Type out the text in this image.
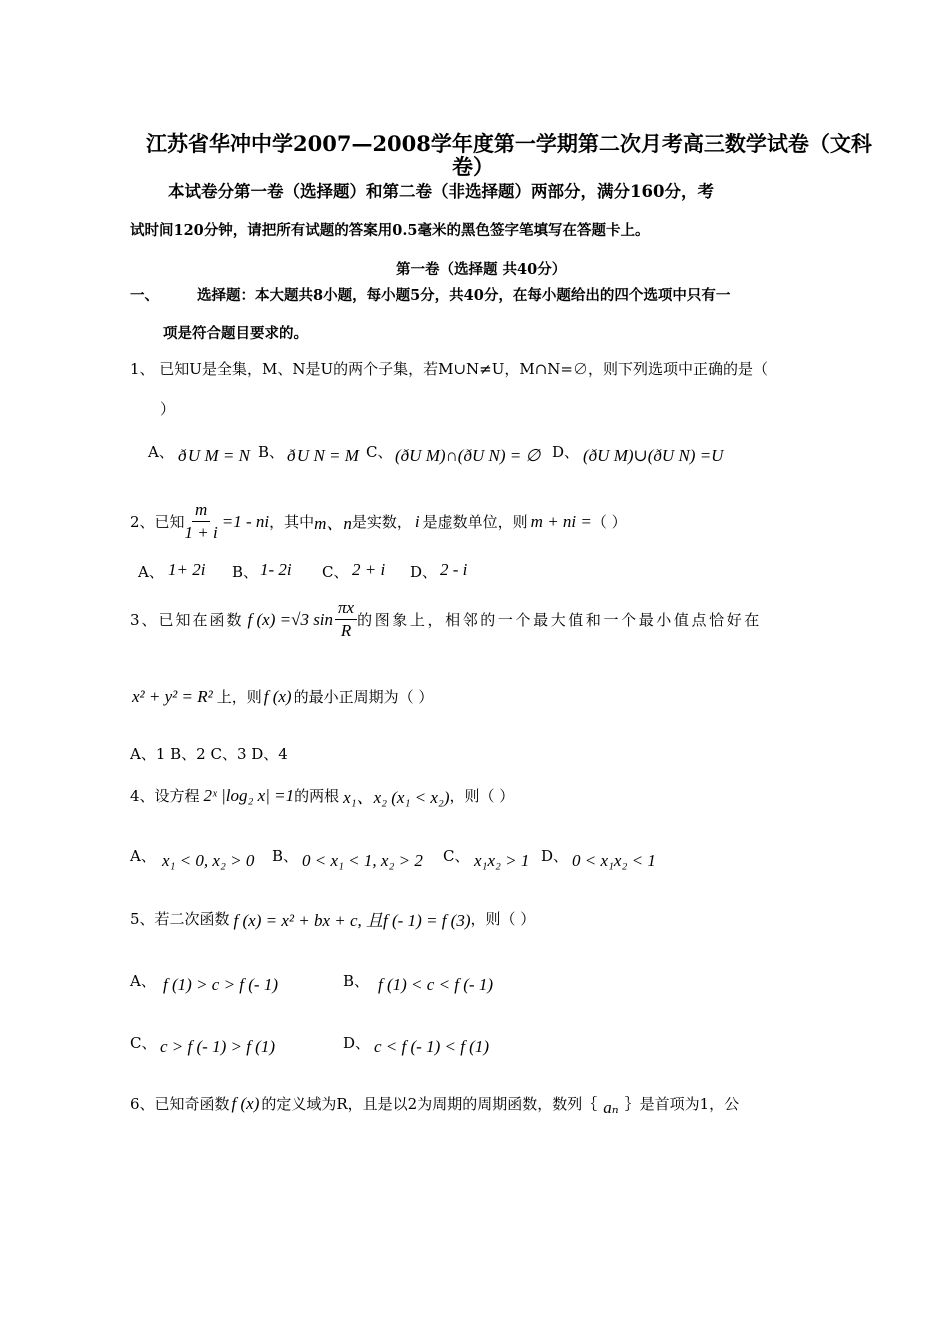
江苏省华冲中学2007—2008学年度第一学期第二次月考高三数学试卷（文科
卷）
本试卷分第一卷（选择题）和第二卷（非选择题）两部分，满分160分，考
试时间120分钟，请把所有试题的答案用0.5毫米的黑色签字笔填写在答题卡上。
第一卷（选择题 共40分）
一、	选择题：本大题共8小题，每小题5分，共40分，在每小题给出的四个选项中只有一
项是符合题目要求的。
1、 已知U是全集，M、N是U的两个子集，若M∪N≠U，M∩N=∅，则下列选项中正确的是（
）
A、 ð U M = N B、 ð U N = M C、 (ðU M)∩(ðU N) = ∅ D、 (ðU M)∪(ðU N) =U
2、已知 $\frac{m}{1 + i} =1$ - ni ，其中 m、n 是实数， i 是虚数单位，则 m + ni = （ ）
A、 1+ 2i B、 1- 2i C、 2 + i D、 2 - i
3、已知在函数 f (x) =√3 $\sin \frac{\pi x}{R}$ 的图象上，相邻的一个最大值和一个最小值点恰好在
x² + y² = R² 上，则 f (x) 的最小正周期为（ ）
A、1 B、2 C、3 D、4
4、设方程 2ˣ |log₂ x| =1 的两根 x₁、x₂ (x₁ < x₂) ，则（ ）
A、 x₁ < 0, x₂ > 0 B、 0 < x₁ < 1, x₂ > 2 C、 x₁x₂ > 1 D、 0 < x₁x₂ < 1
5、若二次函数 f (x) = x² + bx + c, 且f (- 1) = f (3) ，则（ ）
A、 f (1) > c > f (- 1)	B、 f (1) < c < f (- 1)
C、 c > f (- 1) > f (1)	D、 c < f (- 1) < f (1)
6、已知奇函数 f (x) 的定义域为R，且是以2为周期的周期函数，数列｛ aₙ ｝是首项为1，公
